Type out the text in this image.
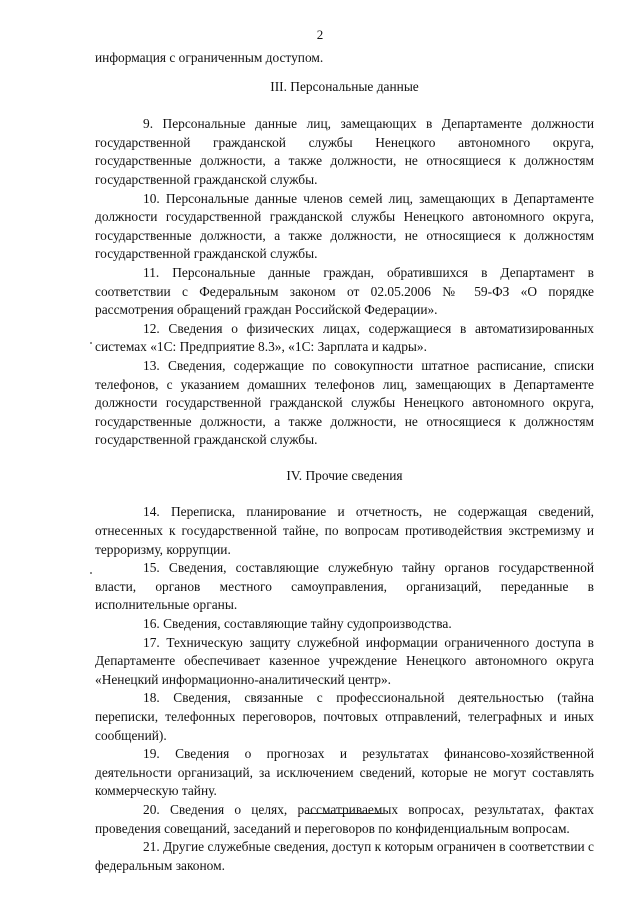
2

информация с ограниченным доступом.

III. Персональные данные

9. Персональные данные лиц, замещающих в Департаменте должности государственной гражданской службы Ненецкого автономного округа, государственные должности, а также должности, не относящиеся к должностям государственной гражданской службы.

10. Персональные данные членов семей лиц, замещающих в Департаменте должности государственной гражданской службы Ненецкого автономного округа, государственные должности, а также должности, не относящиеся к должностям государственной гражданской службы.

11. Персональные данные граждан, обратившихся в Департамент в соответствии с Федеральным законом от 02.05.2006 № 59-ФЗ «О порядке рассмотрения обращений граждан Российской Федерации».

12. Сведения о физических лицах, содержащиеся в автоматизированных системах «1С: Предприятие 8.3», «1С: Зарплата и кадры».

13. Сведения, содержащие по совокупности штатное расписание, списки телефонов, с указанием домашних телефонов лиц, замещающих в Департаменте должности государственной гражданской службы Ненецкого автономного округа, государственные должности, а также должности, не относящиеся к должностям государственной гражданской службы.

IV. Прочие сведения

14. Переписка, планирование и отчетность, не содержащая сведений, отнесенных к государственной тайне, по вопросам противодействия экстремизму и терроризму, коррупции.

15. Сведения, составляющие служебную тайну органов государственной власти, органов местного самоуправления, организаций, переданные в исполнительные органы.

16. Сведения, составляющие тайну судопроизводства.

17. Техническую защиту служебной информации ограниченного доступа в Департаменте обеспечивает казенное учреждение Ненецкого автономного округа «Ненецкий информационно-аналитический центр».

18. Сведения, связанные с профессиональной деятельностью (тайна переписки, телефонных переговоров, почтовых отправлений, телеграфных и иных сообщений).

19. Сведения о прогнозах и результатах финансово-хозяйственной деятельности организаций, за исключением сведений, которые не могут составлять коммерческую тайну.

20. Сведения о целях, рассматриваемых вопросах, результатах, фактах проведения совещаний, заседаний и переговоров по конфиденциальным вопросам.

21. Другие служебные сведения, доступ к которым ограничен в соответствии с федеральным законом.
